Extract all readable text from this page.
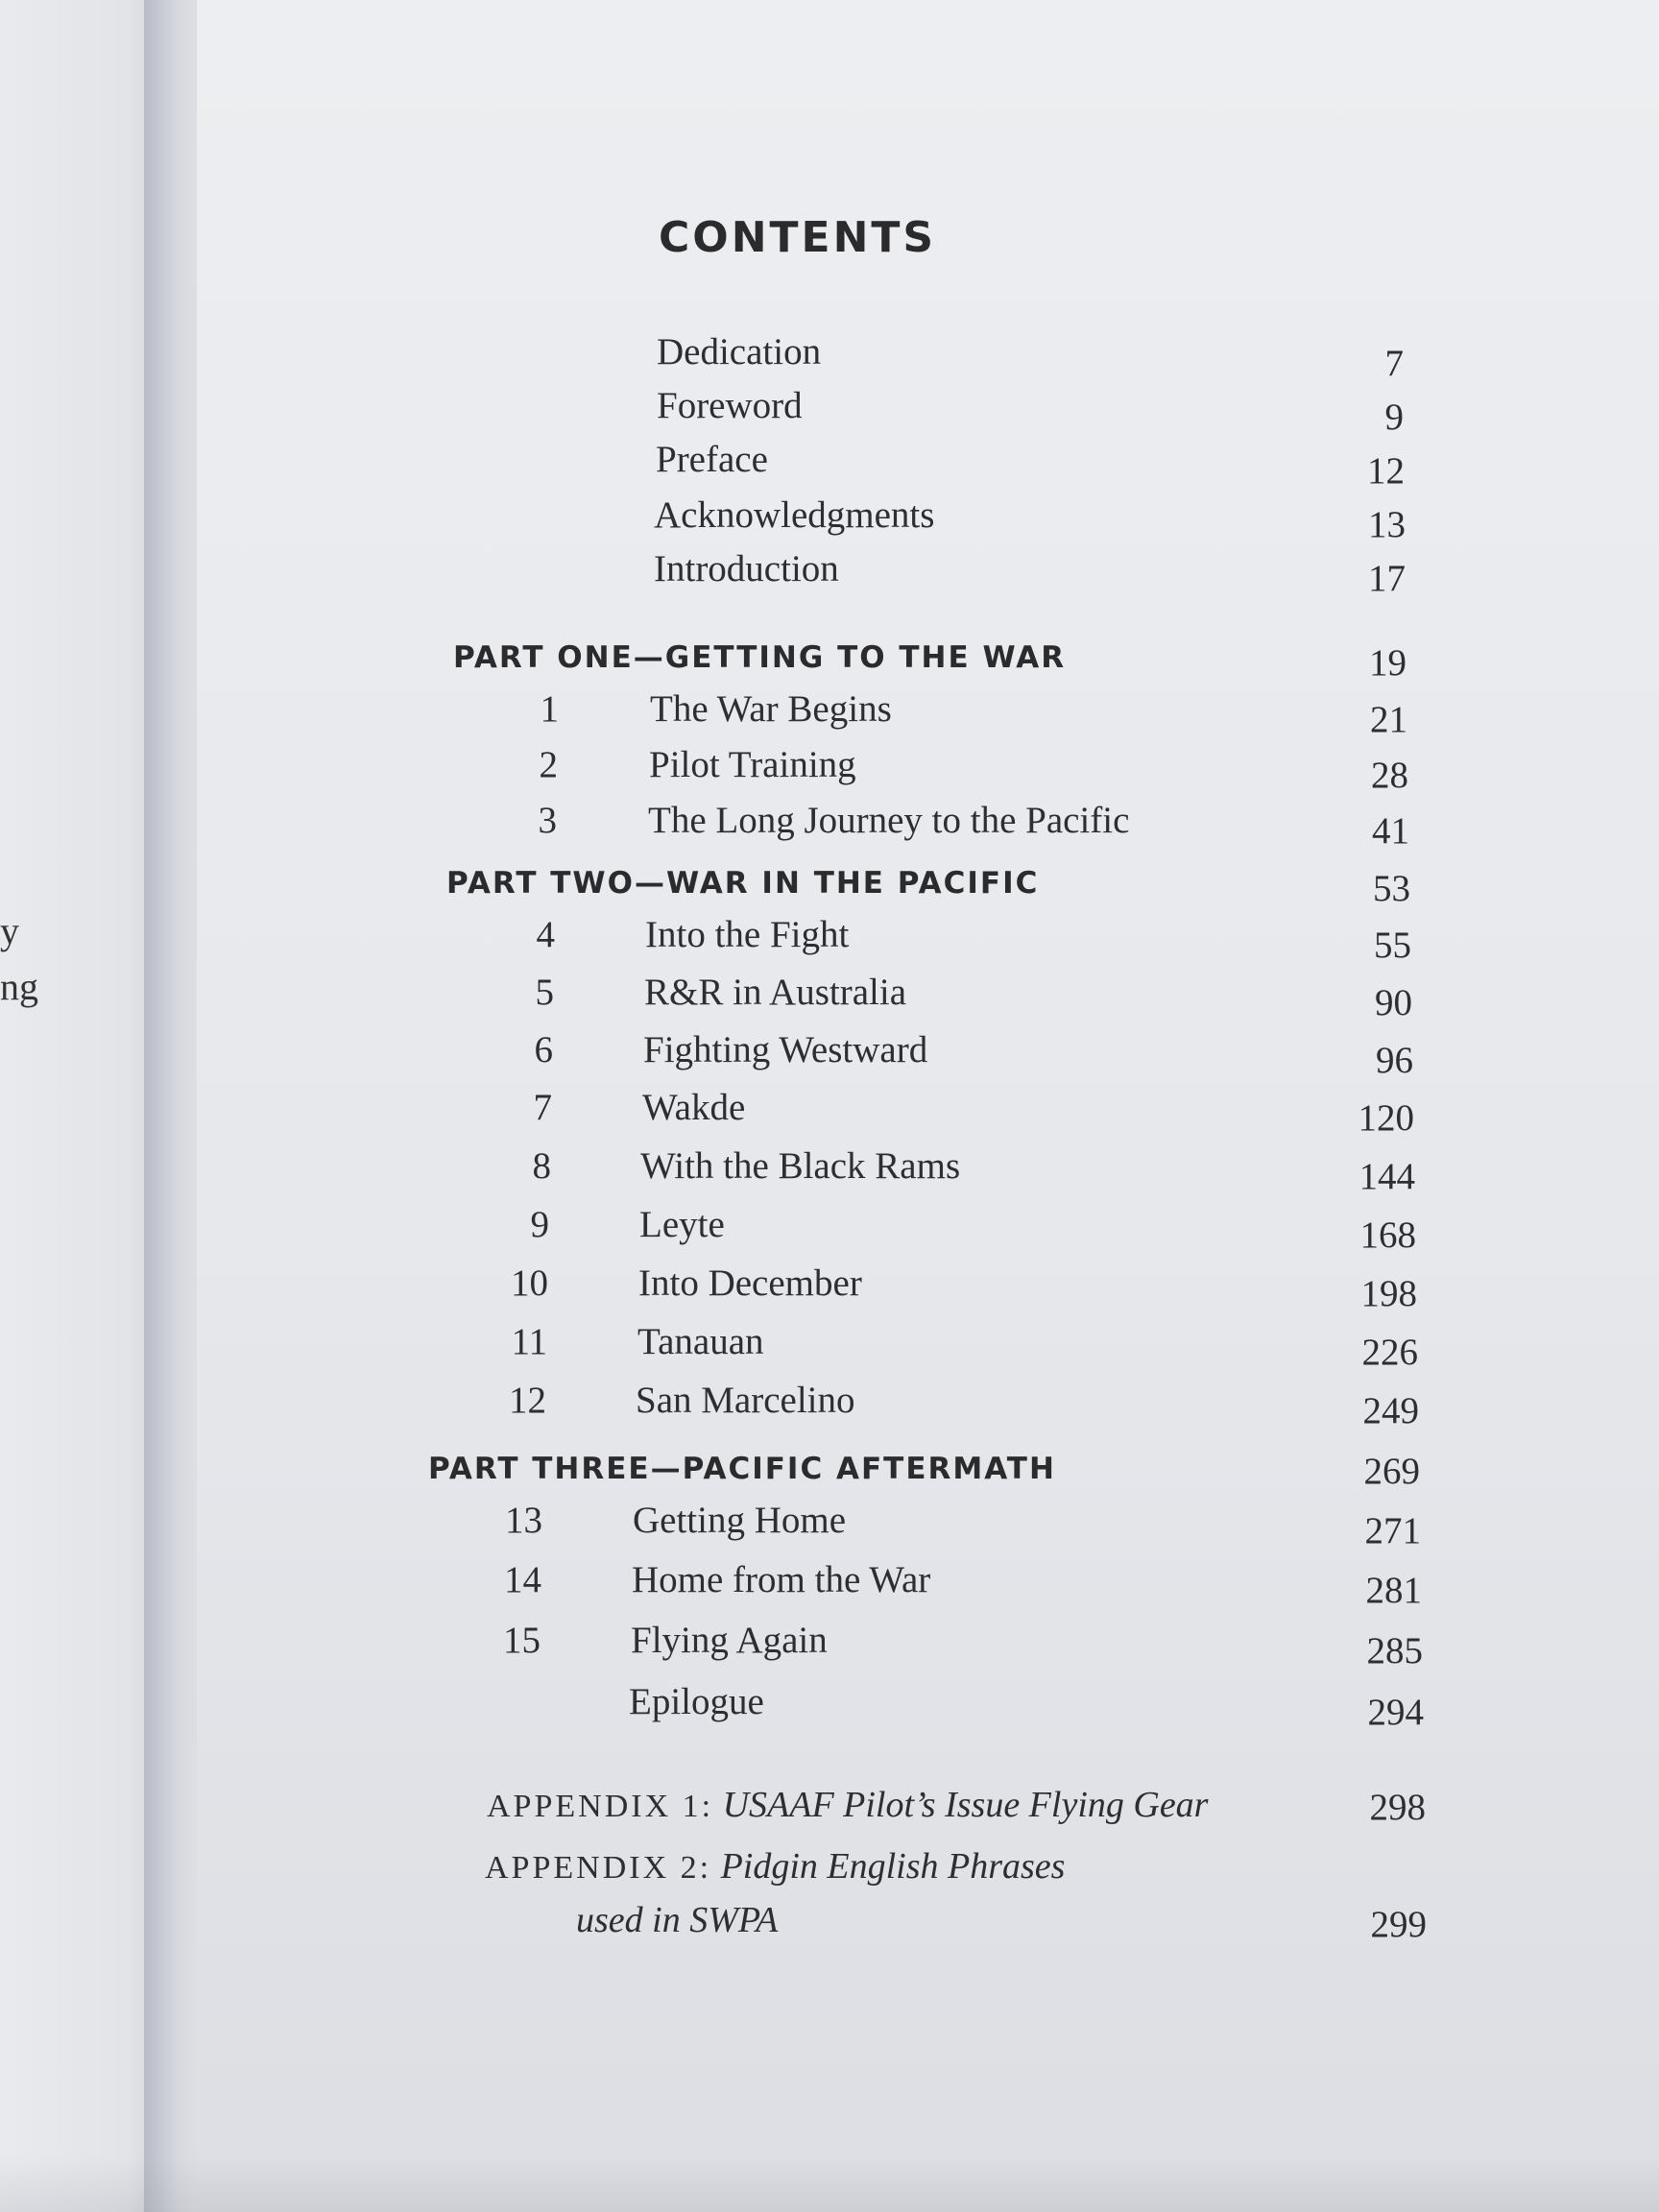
y
ng
CONTENTS
Dedication	7
Foreword	9
Preface	12
Acknowledgments	13
Introduction	17
PART ONE—GETTING TO THE WAR	19
1 The War Begins	21
2 Pilot Training	28
3 The Long Journey to the Pacific	41
PART TWO—WAR IN THE PACIFIC	53
4 Into the Fight	55
5 R&R in Australia	90
6 Fighting Westward	96
7 Wakde	120
8 With the Black Rams	144
9 Leyte	168
10 Into December	198
11 Tanauan	226
12 San Marcelino	249
PART THREE—PACIFIC AFTERMATH	269
13 Getting Home	271
14 Home from the War	281
15 Flying Again	285
Epilogue	294
APPENDIX 1: USAAF Pilot’s Issue Flying Gear	298
APPENDIX 2: Pidgin English Phrases
used in SWPA	299
